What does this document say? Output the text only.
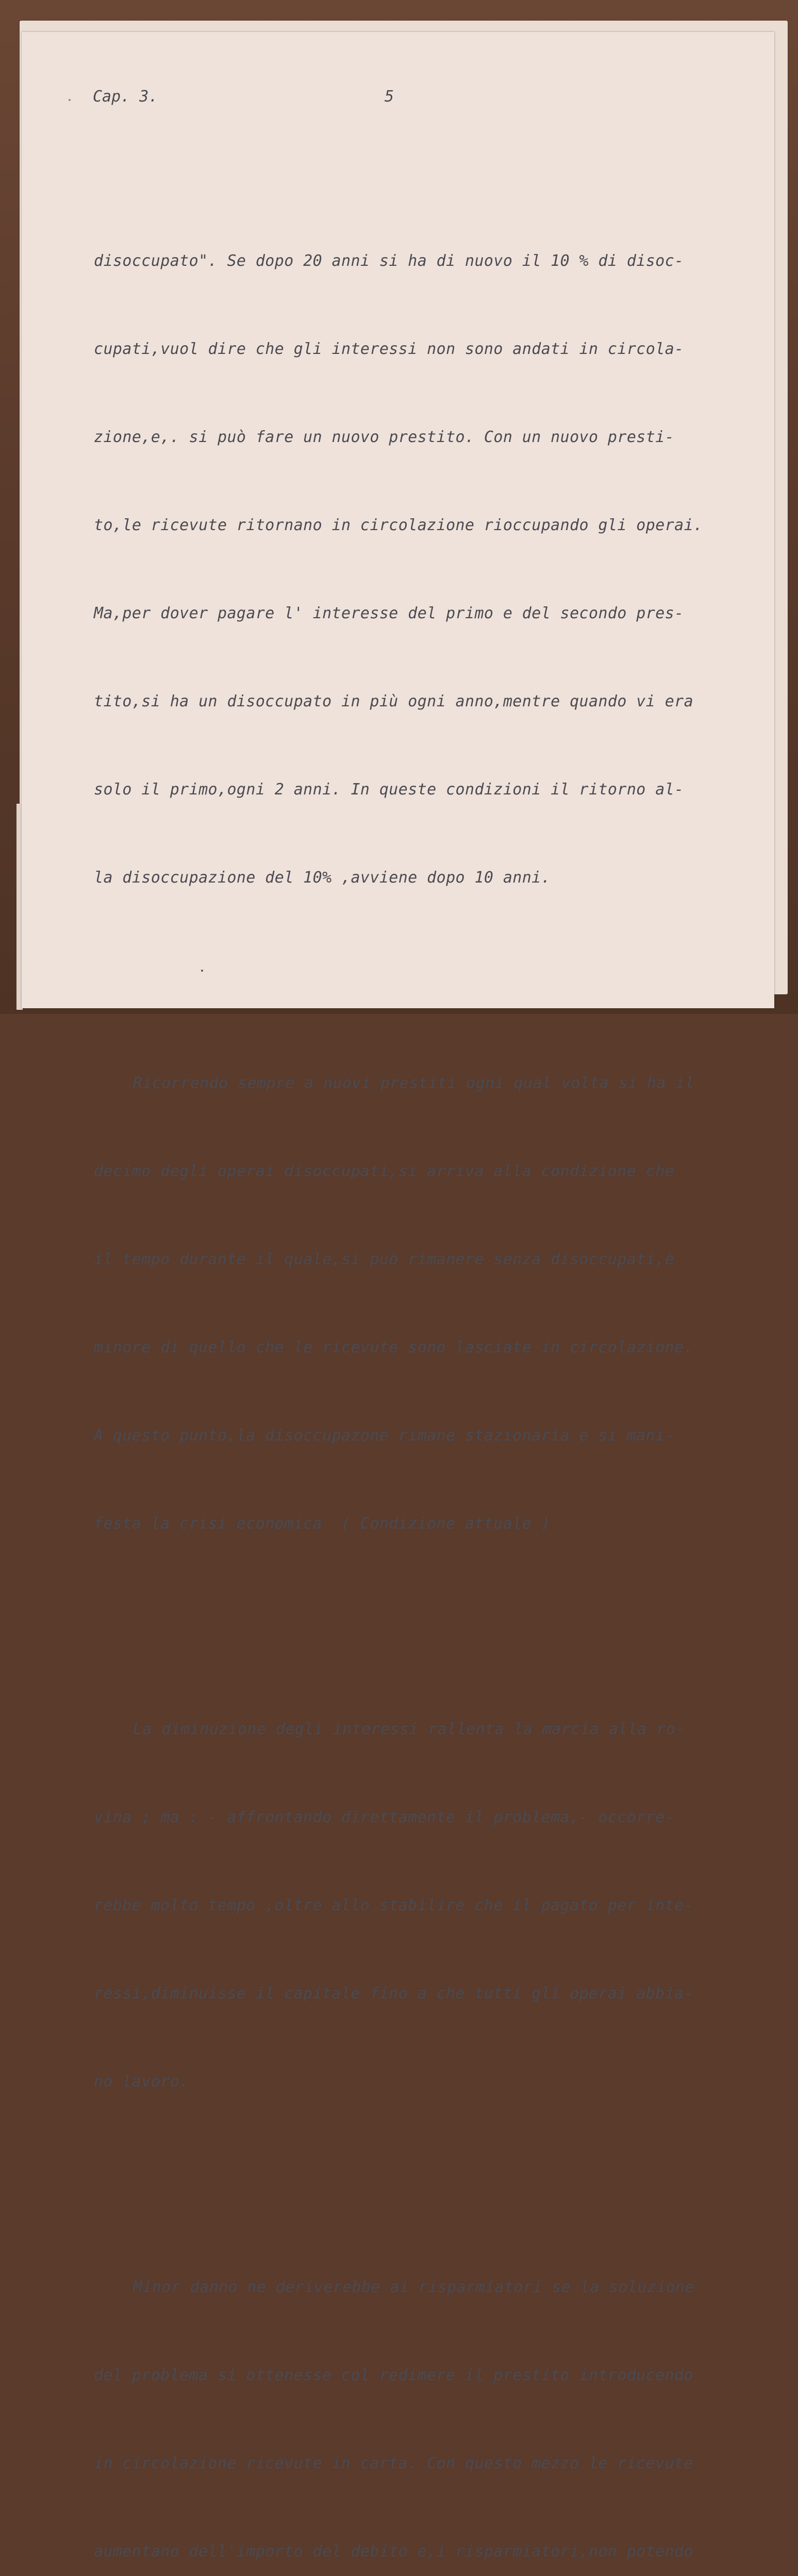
Cap. 3.	5

disoccupato". Se dopo 20 anni si ha di nuovo il 10 % di disoc-

cupati,vuol dire che gli interessi non sono andati in circola-

zione,e,. si può fare un nuovo prestito. Con un nuovo presti-

to,le ricevute ritornano in circolazione rioccupando gli operai.

Ma,per dover pagare l' interesse del primo e del secondo pres-

tito,si ha un disoccupato in più ogni anno,mentre quando vi era

solo il primo,ogni 2 anni. In queste condizioni il ritorno al-

la disoccupazione del 10% ,avviene dopo 10 anni.

Ricorrendo sempre a nuovi prestiti ogni qual volta si ha il

decimo degli operai disoccupati,si arriva alla condizione che

il tempo durante il quale,si può rimanere senza disoccupati,è

minore di quello che le ricevute sono lasciate in circolazione.

A questo punto,la disoccupazone rimane stazionaria e si mani-

festa la crisi economica  ( Condizione attuale )

La diminuzione degli interessi rallenta la marcia alla ro-

vina ; ma : - affrontando direttamente il problema,- occorre-

rebbe molto tempo ,oltre allo stabilire che il pagato per inte-

ressi,diminuisse il capitale fino a che tutti gli operai abbia-

no lavoro.

Minor danno ne deriverebbe ai risparmiatori se la soluzione

del problema si ottenesse col redimere il prestito introducendo

in circolazione ricevute in carta. Con questo mezzo le ricevute

aumentano dell'importo del debito e,i risparmiatori,non potendo
